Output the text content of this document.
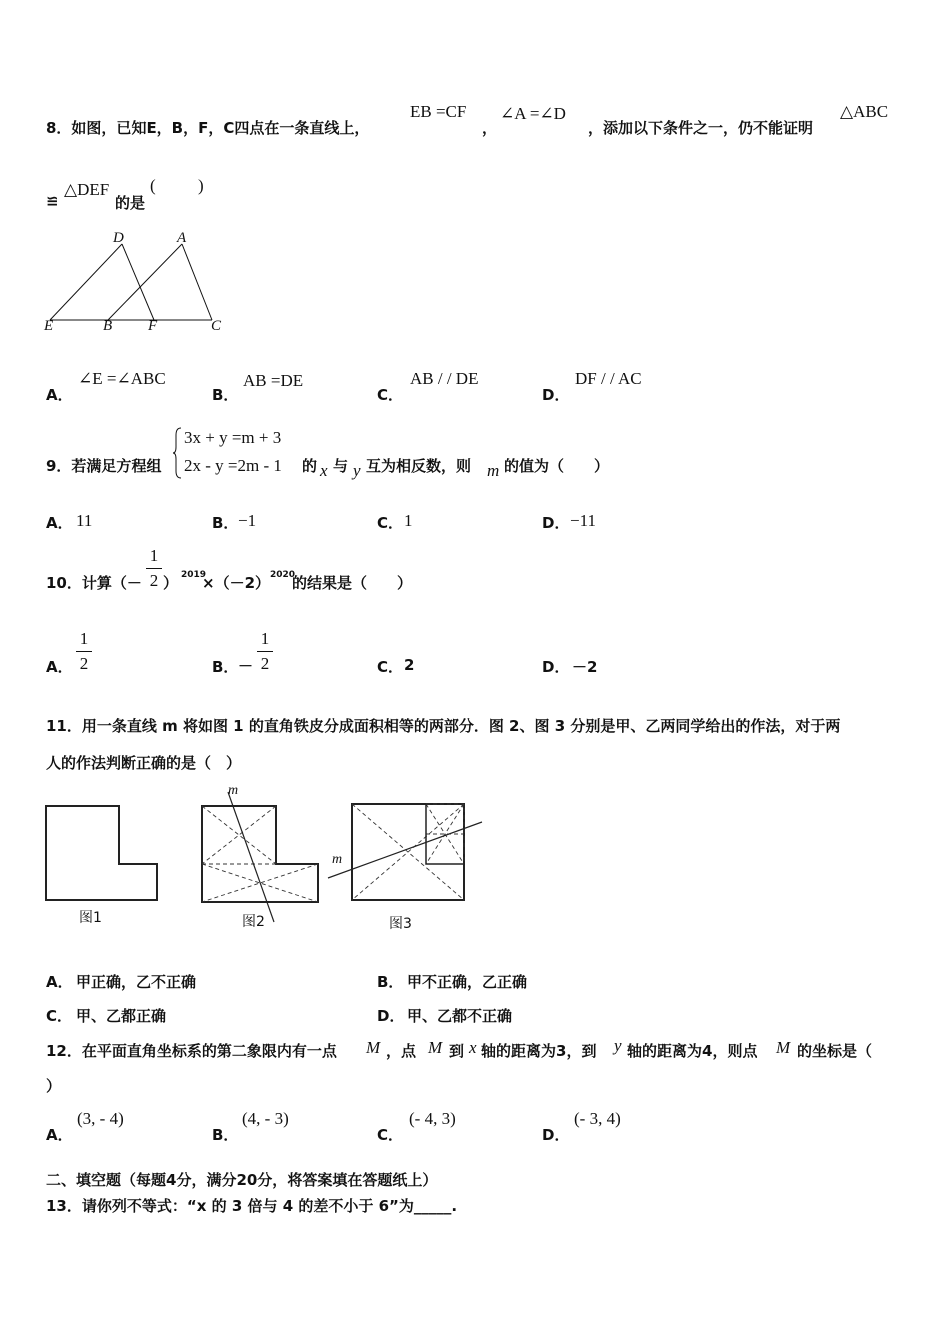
8．如图，已知E，B，F，C四点在一条直线上，
EB =CF
，
∠A =∠D
，添加以下条件之一，仍不能证明
△ABC
≌
△DEF
的是
( )
D	A
E	B F	C
A．
∠E =∠ABC
B．
AB =DE
C．
AB / / DE
D．
DF / / AC
9．若满足方程组
3x + y =m + 3
2x - y =2m - 1 的 x 与 y 互为相反数，则 m 的值为（　　）
A． 11	B． −1	C． 1	D． −11
10．计算（－
1
2 ） 2019
×（－2） 2020
的结果是（　　）
A．
1
2	B． －
1
2	C． 2	D． －2
11．用一条直线 m 将如图 1 的直角铁皮分成面积相等的两部分．图 2、图 3 分别是甲、乙两同学给出的作法，对于两
人的作法判断正确的是（　）
m
m
图1	图2	图3
A． 甲正确，乙不正确	B． 甲不正确，乙正确
C． 甲、乙都正确	D． 甲、乙都不正确
12．在平面直角坐标系的第二象限内有一点 M ，点 M 到 x 轴的距离为3，到 y 轴的距离为4，则点 M 的坐标是（
）
A．
(3, - 4)
B．
(4, - 3)
C．
(- 4, 3)
D．
(- 3, 4)
二、填空题（每题4分，满分20分，将答案填在答题纸上）
13．请你列不等式：“x 的 3 倍与 4 的差不小于 6”为_____.
